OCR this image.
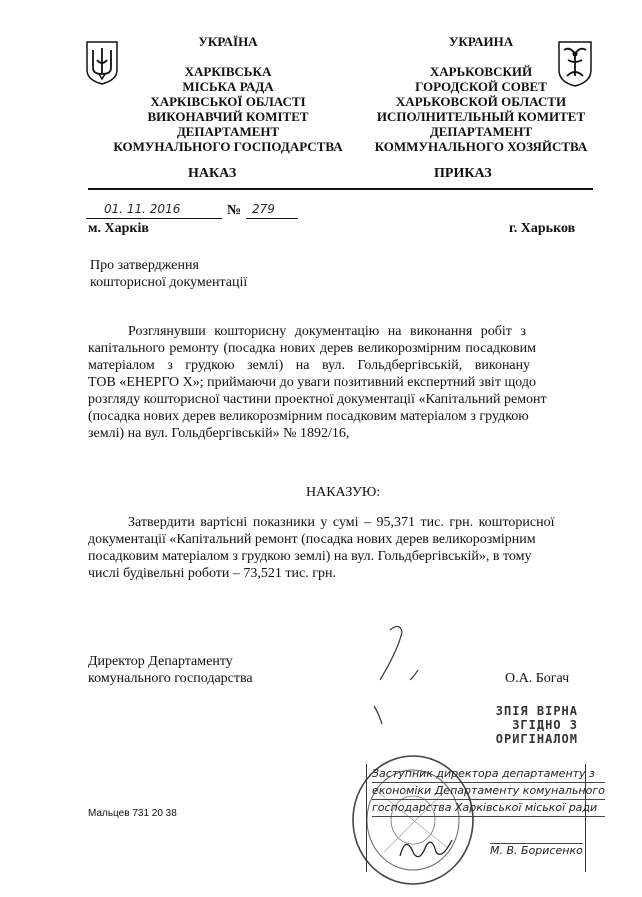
УКРАЇНА
ХАРКІВСЬКА
МІСЬКА РАДА
ХАРКІВСЬКОЇ ОБЛАСТІ
ВИКОНАВЧИЙ КОМІТЕТ
ДЕПАРТАМЕНТ
КОМУНАЛЬНОГО ГОСПОДАРСТВА
НАКАЗ
УКРАИНА
ХАРЬКОВСКИЙ
ГОРОДСКОЙ СОВЕТ
ХАРЬКОВСКОЙ ОБЛАСТИ
ИСПОЛНИТЕЛЬНЫЙ КОМИТЕТ
ДЕПАРТАМЕНТ
КОММУНАЛЬНОГО ХОЗЯЙСТВА
ПРИКАЗ
01. 11. 2016	№ 279
м. Харків	г. Харьков
Про затвердження
кошторисної документації
Розглянувши кошторисну документацію на виконання робіт з
капітального ремонту (посадка нових дерев великорозмірним посадковим
матеріалом з грудкою землі) на вул. Гольдбергівській, виконану
ТОВ «ЕНЕРГО Х»; приймаючи до уваги позитивний експертний звіт щодо
розгляду кошторисної частини проектної документації «Капітальний ремонт
(посадка нових дерев великорозмірним посадковим матеріалом з грудкою
землі) на вул. Гольдбергівській» № 1892/16,
НАКАЗУЮ:
Затвердити вартісні показники у сумі – 95,371 тис. грн. кошторисної
документації «Капітальний ремонт (посадка нових дерев великорозмірним
посадковим матеріалом з грудкою землі) на вул. Гольдбергівській», в тому
числі будівельні роботи – 73,521 тис. грн.
Директор Департаменту
комунального господарства	О.А. Богач
ЗПІЯ ВІРНА
ЗГІДНО З
ОРИГІНАЛОМ
Заступник директора департаменту з
економіки Департаменту комунального
господарства Харківської міської ради
М. В. Борисенко
Мальцев 731 20 38
